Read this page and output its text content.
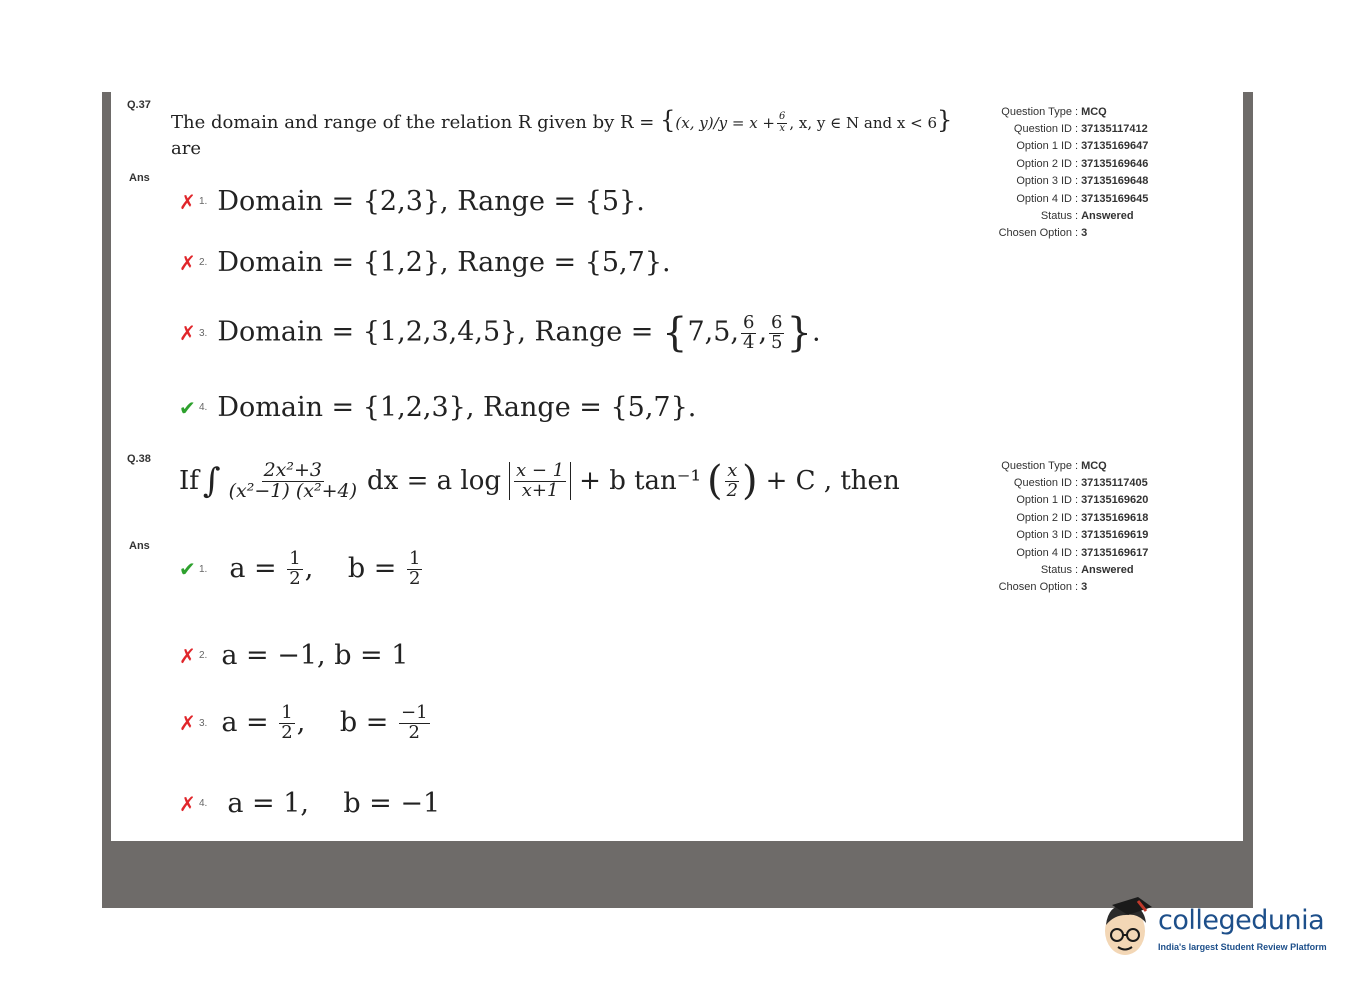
Q.37
The domain and range of the relation R given by R = {(x, $y)/y = x + \frac{6}{x}$ , x, y ∈ N and x < 6}
are
Ans
✗ 1. Domain = {2,3}, Range = {5}.
✗ 2. Domain = {1,2}, Range = {5,7}.
✗ 3. Domain = {1,2,3,4,5}, Range = {7,5, $\frac{6}{4}$ , $\frac{6}{5}$ }.
✔ 4. Domain = {1,2,3}, Range = {5,7}.
Question Type : MCQ
Question ID : 37135117412
Option 1 ID : 37135169647
Option 2 ID : 37135169646
Option 3 ID : 37135169648
Option 4 ID : 37135169645
Status : Answered
Chosen Option : 3
Q.38
If ∫ $\frac{\text{2x²+3}}{\text{(x²−1) (x²+4)}}$ dx = a $\log \frac{x - 1}{x+1} + b$ tan⁻¹ ( $\frac{x}{2}$ ) + C , then
Ans
✔ 1. $a = \frac{1}{2}$ , $b = \frac{1}{2}$
✗ 2. a = −1, b = 1
✗ 3. $a = \frac{1}{2}$ , $b = \frac{-1}{2}$
✗ 4. a = 1,    b = −1
Question Type : MCQ
Question ID : 37135117405
Option 1 ID : 37135169620
Option 2 ID : 37135169618
Option 3 ID : 37135169619
Option 4 ID : 37135169617
Status : Answered
Chosen Option : 3
collegedunia
India's largest Student Review Platform
